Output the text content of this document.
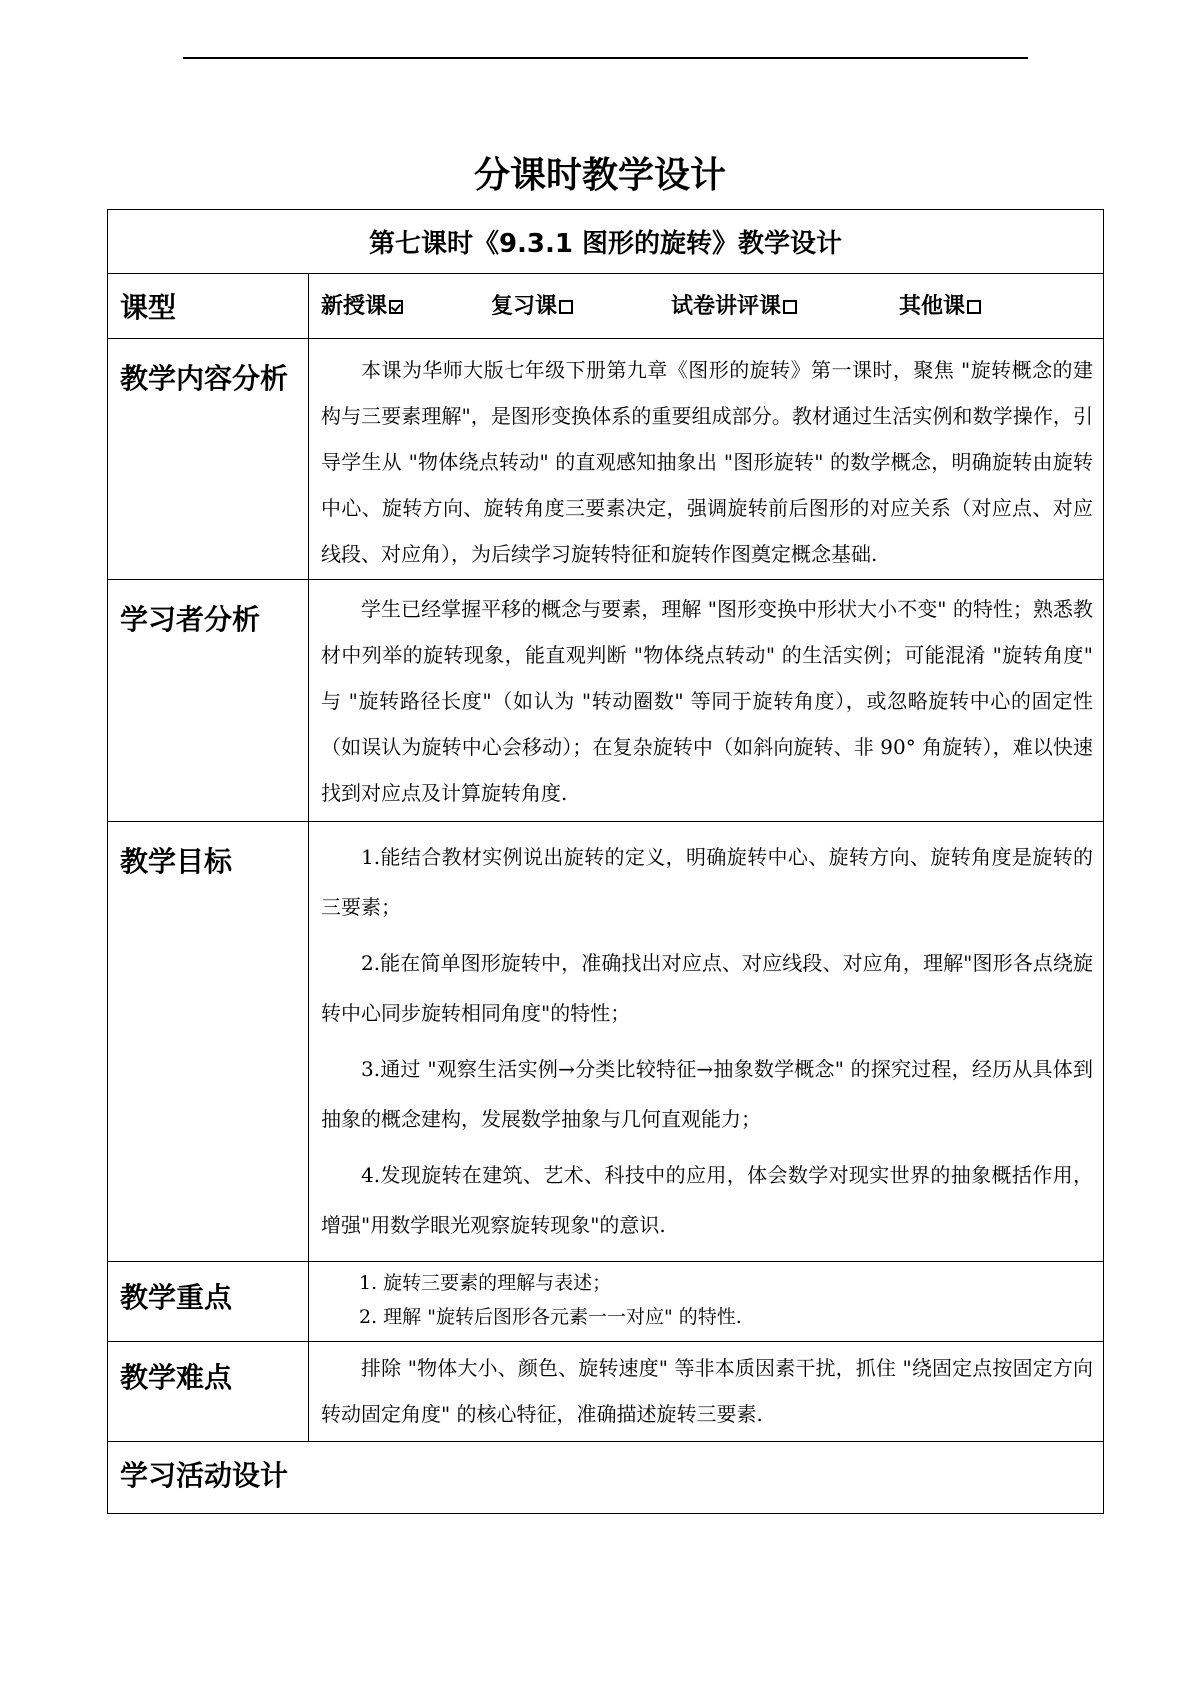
分课时教学设计
第七课时《9.3.1 图形的旋转》教学设计	
课型	新授课 复习课 试卷讲评课 其他课

教学内容分析	本课为华师大版七年级下册第九章《图形的旋转》第一课时，聚焦 "旋转概念的建构与三要素理解"，是图形变换体系的重要组成部分。教材通过生活实例和数学操作，引导学生从 "物体绕点转动" 的直观感知抽象出 "图形旋转" 的数学概念，明确旋转由旋转中心、旋转方向、旋转角度三要素决定，强调旋转前后图形的对应关系（对应点、对应线段、对应角），为后续学习旋转特征和旋转作图奠定概念基础.

学习者分析	学生已经掌握平移的概念与要素，理解 "图形变换中形状大小不变" 的特性；熟悉教材中列举的旋转现象，能直观判断 "物体绕点转动" 的生活实例；可能混淆 "旋转角度" 与 "旋转路径长度"（如认为 "转动圈数" 等同于旋转角度），或忽略旋转中心的固定性（如误认为旋转中心会移动）；在复杂旋转中（如斜向旋转、非 90° 角旋转），难以快速找到对应点及计算旋转角度.

教学目标	1.能结合教材实例说出旋转的定义，明确旋转中心、旋转方向、旋转角度是旋转的三要素；

2.能在简单图形旋转中，准确找出对应点、对应线段、对应角，理解"图形各点绕旋转中心同步旋转相同角度"的特性；

3.通过 "观察生活实例→分类比较特征→抽象数学概念" 的探究过程，经历从具体到抽象的概念建构，发展数学抽象与几何直观能力；

4.发现旋转在建筑、艺术、科技中的应用，体会数学对现实世界的抽象概括作用，增强"用数学眼光观察旋转现象"的意识.

教学重点	1. 旋转三要素的理解与表述；
2. 理解 "旋转后图形各元素一一对应" 的特性.

教学难点	排除 "物体大小、颜色、旋转速度" 等非本质因素干扰，抓住 "绕固定点按固定方向转动固定角度" 的核心特征，准确描述旋转三要素.

学习活动设计	
